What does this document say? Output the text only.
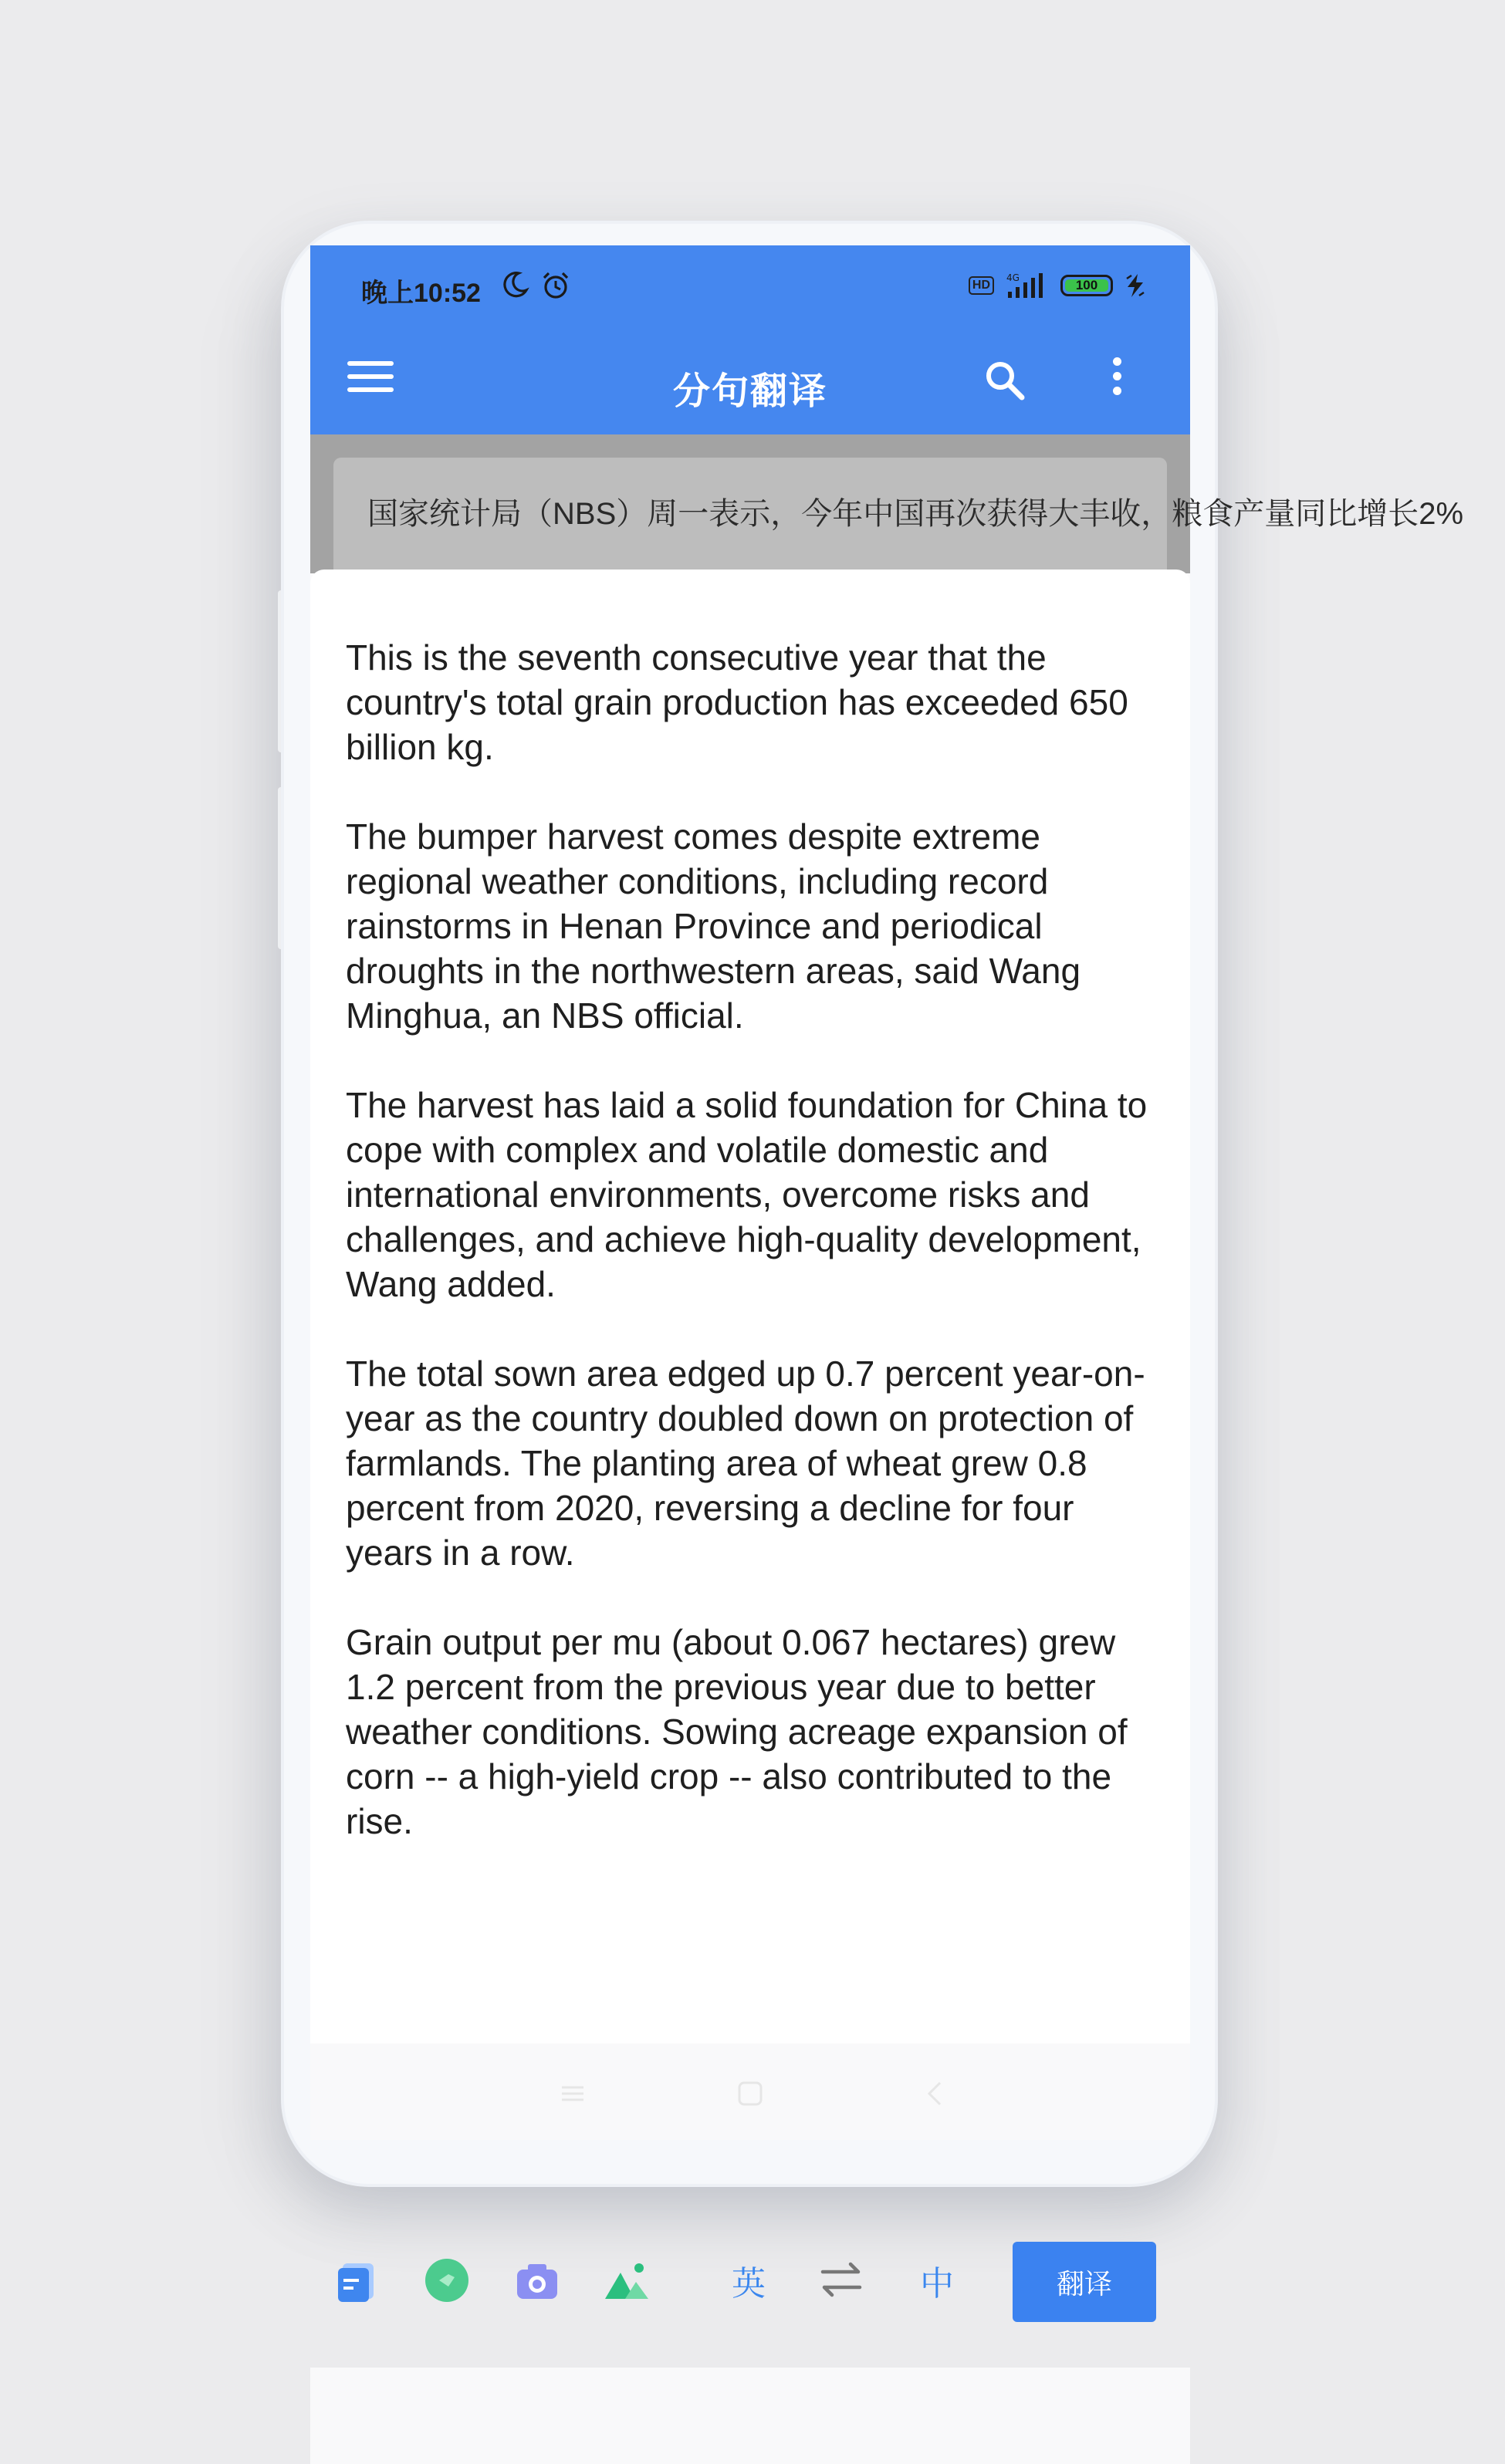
晚上10:52	HD
4G	100
分句翻译
国家统计局（NBS）周一表示，今年中国再次获得大丰收，粮食产量同比增长2%

This is the seventh consecutive year that the country's total grain production has exceeded 650 billion kg.

The bumper harvest comes despite extreme regional weather conditions, including record rainstorms in Henan Province and periodical droughts in the northwestern areas, said Wang Minghua, an NBS official.

The harvest has laid a solid foundation for China to cope with complex and volatile domestic and international environments, overcome risks and challenges, and achieve high-quality development, Wang added.

The total sown area edged up 0.7 percent year-on-year as the country doubled down on protection of farmlands. The planting area of wheat grew 0.8 percent from 2020, reversing a decline for four years in a row.

Grain output per mu (about 0.067 hectares) grew 1.2 percent from the previous year due to better weather conditions. Sowing acreage expansion of corn -- a high-yield crop -- also contributed to the rise.

英	中	翻译
